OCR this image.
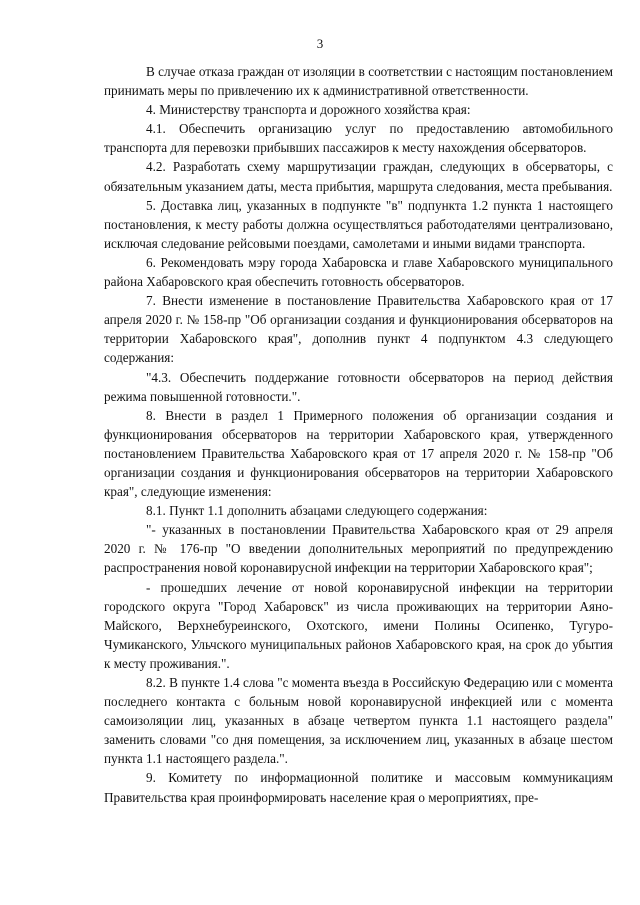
3

В случае отказа граждан от изоляции в соответствии с настоящим постановлением принимать меры по привлечению их к административной ответственности.

4. Министерству транспорта и дорожного хозяйства края:

4.1. Обеспечить организацию услуг по предоставлению автомобильного транспорта для перевозки прибывших пассажиров к месту нахождения обсерваторов.

4.2. Разработать схему маршрутизации граждан, следующих в обсерваторы, с обязательным указанием даты, места прибытия, маршрута следования, места пребывания.

5. Доставка лиц, указанных в подпункте "в" подпункта 1.2 пункта 1 настоящего постановления, к месту работы должна осуществляться работодателями централизовано, исключая следование рейсовыми поездами, самолетами и иными видами транспорта.

6. Рекомендовать мэру города Хабаровска и главе Хабаровского муниципального района Хабаровского края обеспечить готовность обсерваторов.

7. Внести изменение в постановление Правительства Хабаровского края от 17 апреля 2020 г. № 158-пр "Об организации создания и функционирования обсерваторов на территории Хабаровского края", дополнив пункт 4 подпунктом 4.3 следующего содержания:

"4.3. Обеспечить поддержание готовности обсерваторов на период действия режима повышенной готовности.".

8. Внести в раздел 1 Примерного положения об организации создания и функционирования обсерваторов на территории Хабаровского края, утвержденного постановлением Правительства Хабаровского края от 17 апреля 2020 г. № 158-пр "Об организации создания и функционирования обсерваторов на территории Хабаровского края", следующие изменения:

8.1. Пункт 1.1 дополнить абзацами следующего содержания:

"- указанных в постановлении Правительства Хабаровского края от 29 апреля 2020 г. № 176-пр "О введении дополнительных мероприятий по предупреждению распространения новой коронавирусной инфекции на территории Хабаровского края";

- прошедших лечение от новой коронавирусной инфекции на территории городского округа "Город Хабаровск" из числа проживающих на территории Аяно-Майского, Верхнебуреинского, Охотского, имени Полины Осипенко, Тугуро-Чумиканского, Ульчского муниципальных районов Хабаровского края, на срок до убытия к месту проживания.".

8.2. В пункте 1.4 слова "с момента въезда в Российскую Федерацию или с момента последнего контакта с больным новой коронавирусной инфекцией или с момента самоизоляции лиц, указанных в абзаце четвертом пункта 1.1 настоящего раздела" заменить словами "со дня помещения, за исключением лиц, указанных в абзаце шестом пункта 1.1 настоящего раздела.".

9. Комитету по информационной политике и массовым коммуникациям Правительства края проинформировать население края о мероприятиях, пре-
